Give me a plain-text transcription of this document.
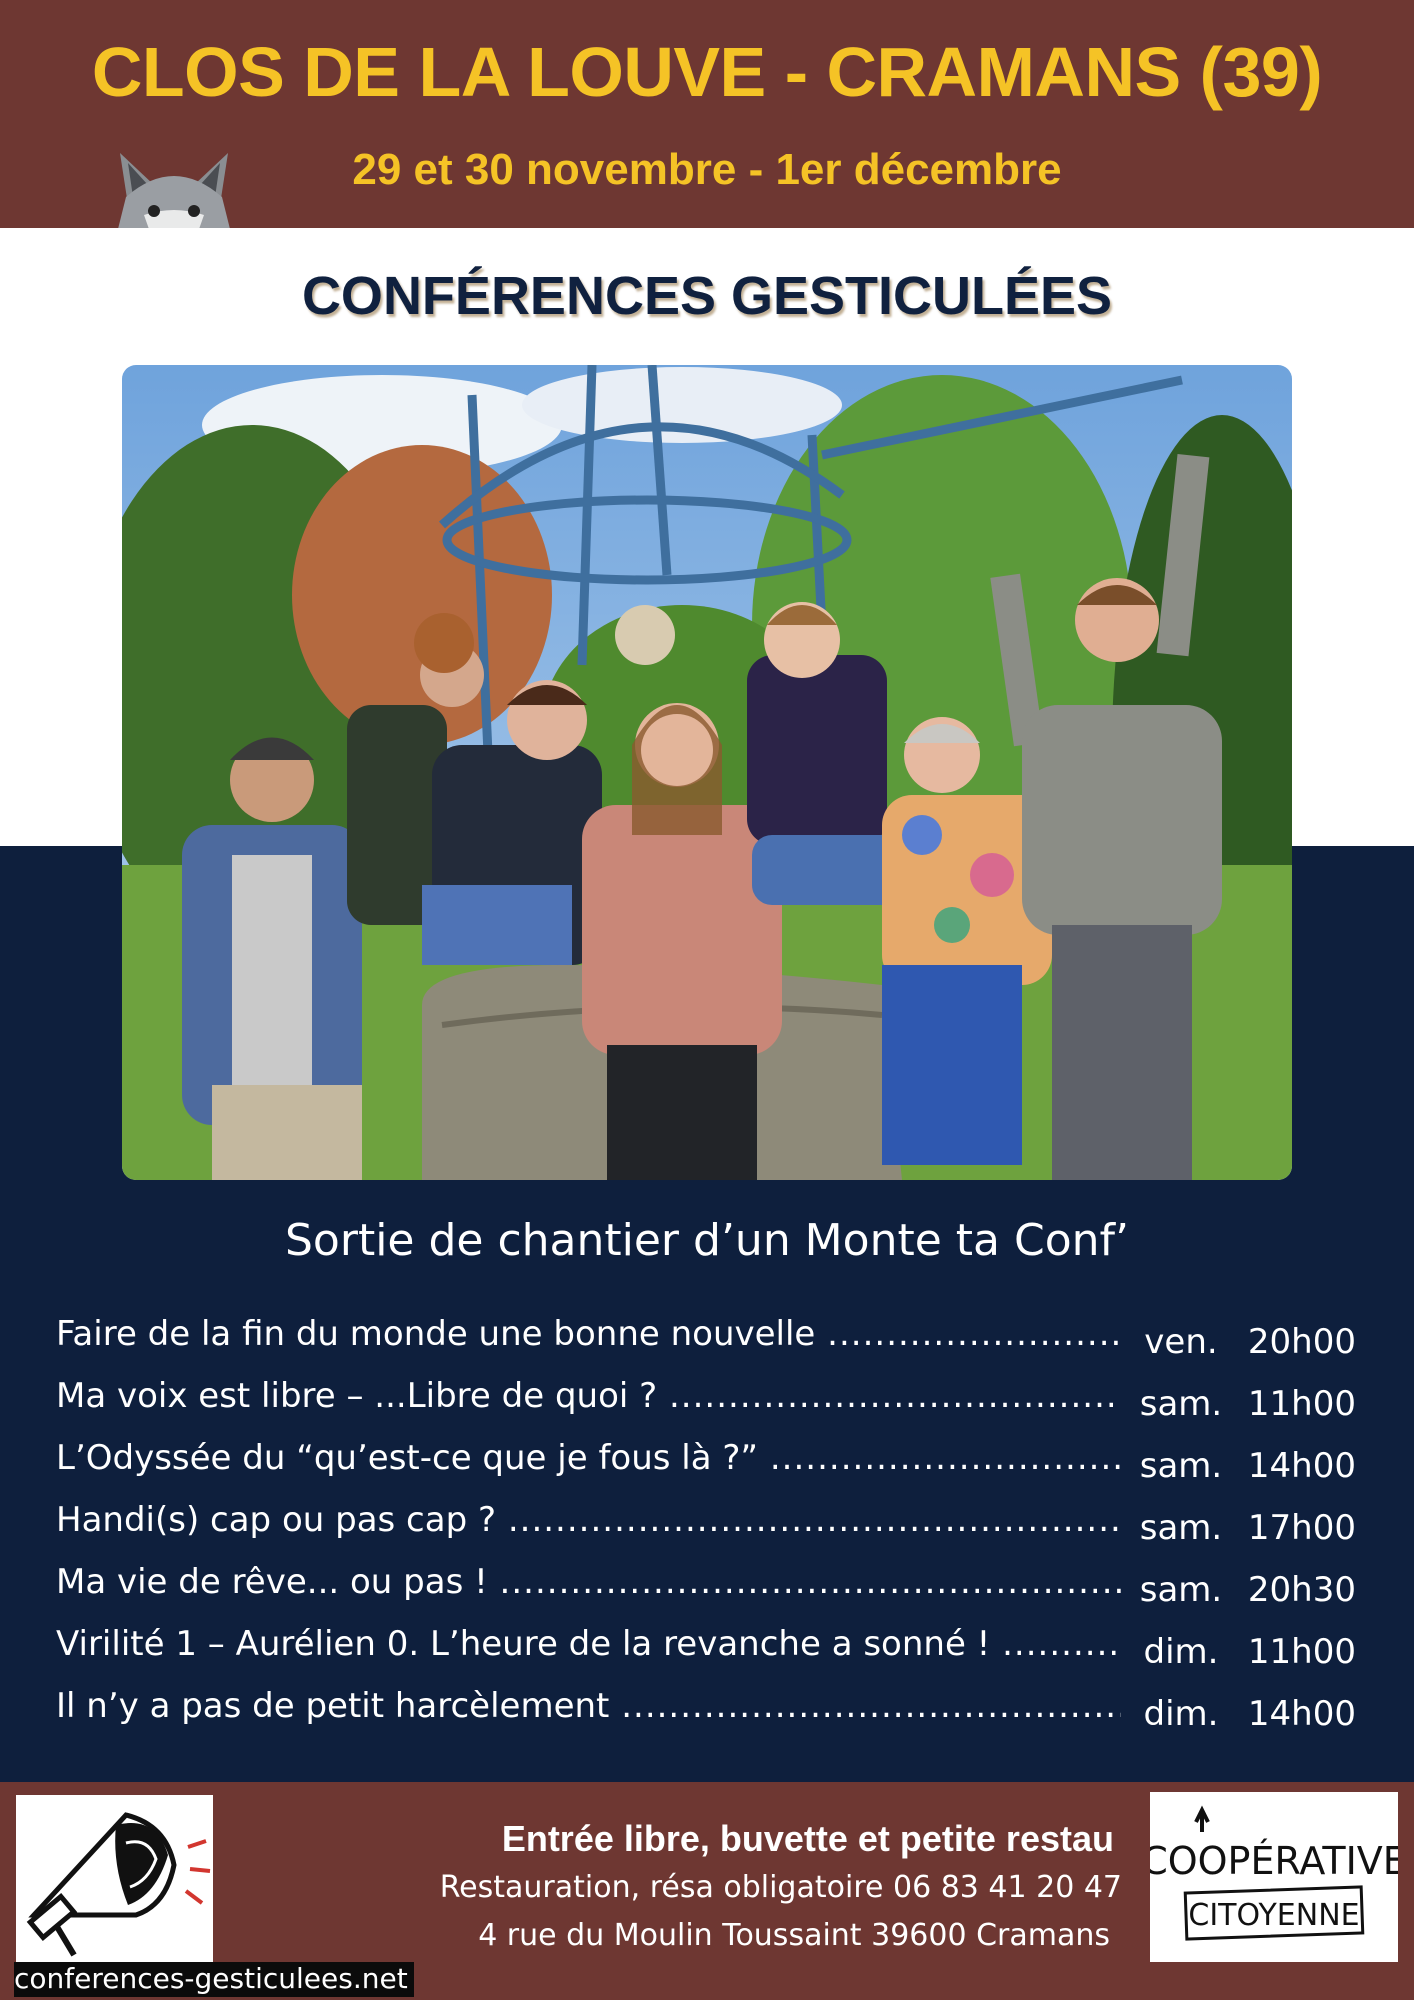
CLOS DE LA LOUVE - CRAMANS (39)
29 et 30 novembre - 1er décembre
CONFÉRENCES GESTICULÉES
Sortie de chantier d’un Monte ta Conf’
Faire de la fin du monde une bonne nouvelle .....	ven. 20h00
Ma voix est libre – ...Libre de quoi ? .....	sam. 11h00
L’Odyssée du “qu’est-ce que je fous là ?” .....	sam. 14h00
Handi(s) cap ou pas cap ? .....	sam. 17h00
Ma vie de rêve... ou pas ! .....	sam. 20h30
Virilité 1 – Aurélien 0. L’heure de la revanche a sonné ! .....	dim. 11h00
Il n’y a pas de petit harcèlement .....	dim. 14h00
COOPÉRATIVE
CITOYENNE
Entrée libre, buvette et petite restau
Restauration, résa obligatoire 06 83 41 20 47
4 rue du Moulin Toussaint 39600 Cramans
conferences-gesticulees.net
